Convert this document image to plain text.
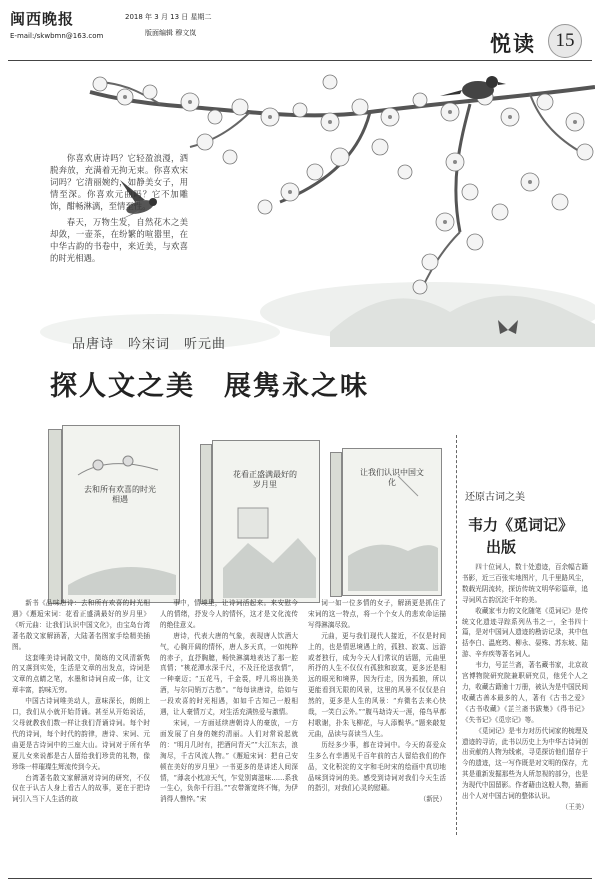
闽西晚报
E-mail:/skwbmn@163.com
2018 年 3 月 13 日 星期二
版面编辑 穆文岚	悦读	15

你喜欢唐诗吗？它轻盈浪漫，洒脱奔放，充满着无拘无束。你喜欢宋词吗？它清丽婉约，如静美女子，用情至深。你喜欢元曲吗？它不加雕饰，酣畅淋漓，至情至性。

春天，万物生发，自然花木之美却敛，一壶茶，在纷繁的喧嚣里，在中华古韵的书卷中，来近美，与欢喜的时光相遇。

品唐诗　吟宋词　听元曲
探人文之美　展隽永之味
去和所有欢喜的时光相遇
花看正盛满最好的岁月里
让我们认识中国文化
还原古词之美
韦力《觅词记》
出版

四十位词人，数十处遗迹，百余幅古籍书影，近三百张实地图片，几千里路风尘，数载光阴流转，探访传统文明华彩篇章，追寻词风古韵沉淀千年的美。

收藏家韦力的文化随笔《觅词记》是传统文化遗迹寻踪系列丛书之一，全书四十篇，是对中国词人遗迹的勘访记录，其中包括李白、温庭筠、柳永、晏殊、苏东坡、陆游、辛弃疾等著名词人。

韦力，号芷兰斋，著名藏书家，北京故宫博物院研究院兼职研究员，他凭个人之力，收藏古籍逾十万册，被认为是中国民间收藏古善本最多的人，著有《古书之爱》《古书收藏》《芷兰斋书跋集》《得书记》《失书记》《觅宗记》等。

《觅词记》是韦力对历代词家的梳理及遗迹的寻访，此书以历史上为中华古诗词创出贡献的人物为线索，寻觅探访他们留存于今的遗迹，这一写作既是对文明的保存，尤其是重新发掘那些为人所忽视的部分，也是为现代中国留影。作者藉由这般人物，描画出个人对中国古词的整体认识。

（王美）

新书《品味唐诗：去和所有欢喜的时光相遇》《邂逅宋词：花看正盛满最好的岁月里》《听元曲：让我们认识中国文化》，由宝岛台湾著名散文家解涵著，大陆著名图家手绘精美插图。

这套唯美诗词散文中，简练的文风清新隽的又落到实处，生活是文章的出发点，诗词是文章的点睛之笔，水墨和诗词自成一体，让文章丰富，韵味无穷。

中国古诗词唯美动人，意味深长，朗朗上口，我们从小就开始背诵。甚至从开始说话，父母就教我们数一样让我们背诵诗词。每个时代的诗词，每个时代的韵律，唐诗、宋词、元曲更是古诗词中的三座大山。诗词对于所有华夏儿女来说都是古人留给我们珍贵的礼物，像珍珠一样璀璨生辉流传到今天。

台湾著名散文家解涵对诗词的研究，不仅仅在于认古人身上看古人的故事，更在于把诗词引入当下人生活的故

事中，情境里，让诗词活起来。来安慰今人的情绪，抒发今人的情怀，这才是文化流传的绝佳意义。

唐诗，代表大唐的气象，表现唐人饮酒大气，心胸开阔的情怀，唐人多天真，一如纯粹的赤子，直抒胸臆，畅快淋漓地表达了那一腔真情；“桃花潭水深千尺，不及汪伦送我情”，一种豪迈；“五花马，千金裘，呼儿将出换美酒，与尔同销万古愁”。“每每读唐诗，给如与一段欢喜的时光相遇，如如千古知己一般相遇，让人豪情万丈，对生活充满热爱与激情。

宋词，一方面延续唐朝诗人的豪放，一方面发展了自身的婉约清丽。人们对常说起就的：“明月几时有，把酒问青天”“大江东去，浪淘尽，千古风流人物。”《邂逅宋词：把自己安顿在美好的岁月里》一书更多的是讲述人间深情，“薄衾小枕凉天气，乍觉别离滋味……系我一生心，负你千行泪。”“衣带渐宽终不悔，为伊消得人憔悴。”宋

词一如一位多情的女子，解涵更是抓住了宋词的这一特点，将一个个女人的悲欢命运描写得淋漓尽致。

元曲，更与我们现代人接近，不仅是时间上的，也是情思境遇上的，孤独、寂寞、远游或者独行，成为今天人们常议的话题，元曲里所抒的人生不仅仅有孤独和寂寞，更多还是相远的眼光和境界，因为行走，因为孤独，所以更能看到无限的风景，这里的风景不仅仅是自然的，更多是人生的风景：“弃微名去来心快哉，一笑白云外。”“腹马劫诗天一涯，倦鸟早都村歌谢，扑朱飞柳花，与人添鬓华。”题来敲复元曲，品读与喜读当人生。

历经多少事，都在诗词中。今天的喜爱众生多么有幸遇见千百年前的古人留给我们的作品，文化积淀的文字和毛时宋的绘画中真切地品味到诗词的美。感受到诗词对我们今天生活的指引，对我们心灵的慰藉。

（新民）
